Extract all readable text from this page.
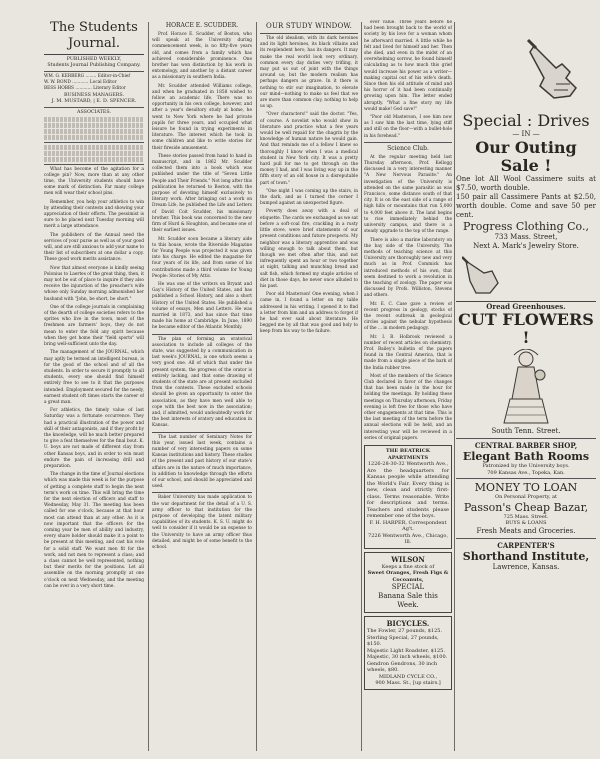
The Students Journal.
PUBLISHED WEEKLY,
Students Journal Publishing Company.
WM. G. KERBERG ........ Editor-in-Chief
W. W. BOND ............ Local Editor
BESS HOBBS ............ Literary Editor
BUSINESS MANAGERS.
J. M. MUSTARD, | E. D. SPENCER.
ASSOCIATES.

What has become of the agitation for a college pin? Now, more than at any other time, the University students should have some mark of distinction. Far many college men will wear their school pins.

Remember, you help your athletics to win by attending their contests and showing your appreciation of their efforts. The pessimist is sure to be placed next Tuesday morning will merit a large attendance.

The publishers of the Annual need the services of your purse as well as of your good will, and are still anxious to add your name to their list of subscribers at one dollar a copy. These good work merits assistance.

Now that almost everyone is kindly seeing Polonius to Laertes of the great thing, then, it may not be out of place to inquire if they also receive the injunction of the preacher's wife whose only Sunday morning admonished her husband with "John, be short, be short."

One of the college journals in complaining of the dearth of college societies refers to the sprites who live in the town, most of the freshmen are farmers' boys, they do not mean to enter the fold any spirit because when they get home their "field sports" will bring well-sufficient unto the day.

The management of the JOURNAL, which may aptly be termed an intelligent burean, is for the good of the school and of all the students. In order to secure it promptly to all students, every one should find himself entirely free to see to it that the purposes intended. Employment secured for the needy, earnest student oft times starts the career of a great man.

For athletics, the timely value of last Saturday was a fortunate occurrence. They had a practical illustration of the power and skill of their antagonists, and if they profit by the knowledge, will be much better prepared to give a feat themselves for the final bout. K. U. boys are not made of different clay from other Kansas boys, and in order to win must endure the pain of increasing drill and preparation.

The change in the time of Journal elections which was made this week is for the purpose of getting a complete staff to begin the next term's work on time. This will bring the time for the next election of officers and staff to Wednesday, May 31. The meeting has been called for one o'clock, because at that hour most can attend than at any other. As it is now important that the officers for the coming year be men of ability and industry, every share holder should make it a point to be present at this meeting, and cast his vote for a solid staff. We want men fit for the work, and not men to represent a class; and a class cannot be well represented, nothing but their merits for the positions. Let all assemble on the morning promptly at one o'clock on next Wednesday, and the meeting can be over in a very short time.

HORACE E. SCUDDER.

Prof. Horace E. Scudder, of Boston, who will speak at the University during commencement week, is no fifty-five years old, and comes from a family which has achieved considerable prominence. One brother has won distinction by his work in entomology, and another by a distant career as a missionary in southern India.

Mr. Scudder attended Williams college, and when he graduated in 1858 wished to follow an academic life. There was no opportunity in his own college, however, and after a year's desultory study at home, he went to New York where he had private pupils for three years, and occupied what leisure he found in trying experiments in literature. The interest which he took in some children and like to write stories for their fireside amusement.

These stories passed from hand to hand in manuscript, and in 1862 Mr. Scudder collected them into a book which was published under the title of "Seven Little People and Their Friends." Not long after this publication he returned to Boston, with the purpose of devoting himself exclusively to literary work. After bringing out a work on Dream Life, he published the Life and Letters of David Coit Scudder, his missionary brother. This book was concerned to the new firm of Hurd & Houghton, and became one of their earliest issues.

Mr. Scudder soon became a literary aide to this house, wrote the Riverside Magazine for Young People was projected it was given into his charge. He edited the magazine for four years of its life, and from some of his contributions made a third volume for Young People: Stories of My Attic.

He was one of the writers on Bryant and Gay's History of the United States, and has published a School History, and also a short History of the United States. He published a volume of essays, Men and Letters. He was married in 1873, and has since that time made his home at Cambridge. In June, 1890 he became editor of the Atlantic Monthly.

The plan of forming an oratorical association to include all colleges of the state, was suggested by a communication in last week's JOURNAL, is one which seems a very good one. All of which that under the present system, the progress of the orator is entirely lacking, and that some drawing of students of the state are at present excluded from the contests. These excluded schools should be given an opportunity to enter the association, as they have men well able to cope with the best now in the association; and, if admitted, would undoubtedly work for the best interests of oratory and education in Kansas.

The last number of Seminary Notes for this year, issued last week, contains a number of very interesting papers on some Kansas institutions and history. These studies of the present and past history of our state's affairs are in the nature of much importance, in addition to knowledge through the efforts of our school, and should be appreciated and used.

Baker University has made application to the war department for the detail of a U. S. army officer to that institution for the purpose of developing the latent military capabilities of its students. K. S. U. might do well to consider if it would be an expense to the University to have an army officer thus detailed, and might be of some benefit to the school.

OUR STUDY WINDOW.

The old idealism, with its dark heroines and its light heroines, its black villains and its resplendent hero, has its dangers. It may make the real world look very ordinary, common every day duties very trifling, it may put us out of joint with the things around us; but the modern realism has perhaps dangers as grave. In it there is nothing to stir our imagination, to elevate our mind—nothing to make us feel that we are more than common clay, nothing to help us up.

"Over characters!" said the doctor. "Yes, of course. A novelist who would show in literature and practice what a few years would be well repaid for the chagrin by the knowledge of human nature he would gain. And that reminds me of a fellow I knew so thoroughly I know when I was a medical student in New York city. It was a pretty hard pull for me to get through on the money I had, and I was living way up in the fifth story of an old house in a disreputable part of town."

"One night I was coming up the stairs, in the dark, and as I turned the corner I bumped against an unexpected figure.

Poverty does away with a deal of etiquette. The cards we exchanged as we sat before a soft-coal fire, crackling in a rusty little stove, were brief statements of our present conditions and future prospects. My neighbor was a literary apprentice and was willing enough to talk about them, but though we met often after this, and not infrequently spent an hour or two together at night, talking and munching bread and salt fish, which formed my staple articles of diet in those days, he never once alluded to his past.

Poor old Masterson! One evening, when I came in, I found a letter on my table addressed in his writing. I opened it to find a letter from him and an address to forget if he had ever said about literature. He begged me by all that was good and holy to keep from his way to the failure.

ever value. Three years before he had been brought back to the world of society by his love for a woman whom he afterward married. A little while he felt and lived for himself and her. Then she died, and even in the midst of an overwhelming sorrow, he found himself calculating as to how much this grief would increase his power as a writer—making capital out of his wife's death. Since then his old attitude of mind and his horror of it had been continually growing upon him. The letter ended abruptly. "What a fine story my life would make! God save!"

"Poor old Masterson, I see him now as I saw him the last time, lying stiff and still on the floor—with a bullet-hole in his forehead."

Science Club.

At the regular meeting held last Thursday afternoon, Prof. Kellogg discussed in a very interesting manner "A New Nervous Parasite." An investigation of the University is attended on the same parasitic as was Francisco, some distance south of that city. It is on the east side of a range of high hills or mountains that run 5,000 to 4,000 feet above it. The land begins to rise immediately behind the university campus, and there is a steady upgrade to the top of the range.

There is also a marine laboratory on the bay side of the University. The methods of teaching science at this University are thoroughly new and very much as in Prof. Commick has introduced methods of his own, that seem destined to work a revolution in the teaching of zoology. The paper was discussed by Profs. Williston, Stevens and others.

Mr. E. C. Case gave a review of recent progress in geology, stocks of the recent outbreak in geological circles against the nebular hypothesis of the ... in modern pedagogy.

Mr. I. B. Holbrook reviewed a number of recent articles on chemistry. Prof. Bailey's bulletin of the papers found in the Central America, that is made from a single piece of the bark of the India rubber tree.

Most of the members of the Science Club declared in favor of the changes that has been made in the hour for holding the meetings. By holding these meetings on Thursday afternoon, Friday evening is left free for those who have other engagements at that time. This is the last meeting of the term before the annual elections will be held, and an interesting year will be reviewed in a series of original papers.

THE BEATRICK APARTMENTS
1226-28-30-32 Wentworth Ave.,
Are the headquarters for Kansas people while attending the World's Fair. Every thing is new, clean and strictly first-class. Terms reasonable. Write for descriptions and terms. Teachers and students please remember one of the boys.
F. H. HARPER, Correspondent Ag't.
7226 Wentworth Ave., Chicago, Ill.
WILSON
Keeps a fine stock of
Sweet Oranges, Fresh Figs & Cocoanuts,
SPECIAL
Banana Sale this Week.
BICYCLES.
The Fowler, 27 pounds, $125.
Sterling Special, 27 pounds, $150.
Majestic Light Roadster, $125.
Majestic, 30 inch wheels, $100.
Gendron Gendrons, 30 inch wheels, $80.
MIDLAND CYCLE CO.,
900 Mass. St., [up stairs.]
Special : Drives
— IN —
Our Outing Sale !
One lot All Wool Cassimere suits at $7.50, worth double.
150 pair all Cassimere Pants at $2.50, worth double. Come and save 50 per cent.
Progress Clothing Co.,
733 Mass. Street,
Next A. Mark's Jewelry Store.
Oread Greenhouses.
CUT FLOWERS !
South Tenn. Street.
CENTRAL BARBER SHOP,
Elegant Bath Rooms
Patronized by the University boys.
709 Kansas Ave., Topeka, Kan.
MONEY TO LOAN
On Personal Property, at
Passon's Cheap Bazar,
725 Mass. Street.
BUYS & LOANS
Fresh Meats and Groceries.
CARPENTER'S
Shorthand Institute,
Lawrence, Kansas.
